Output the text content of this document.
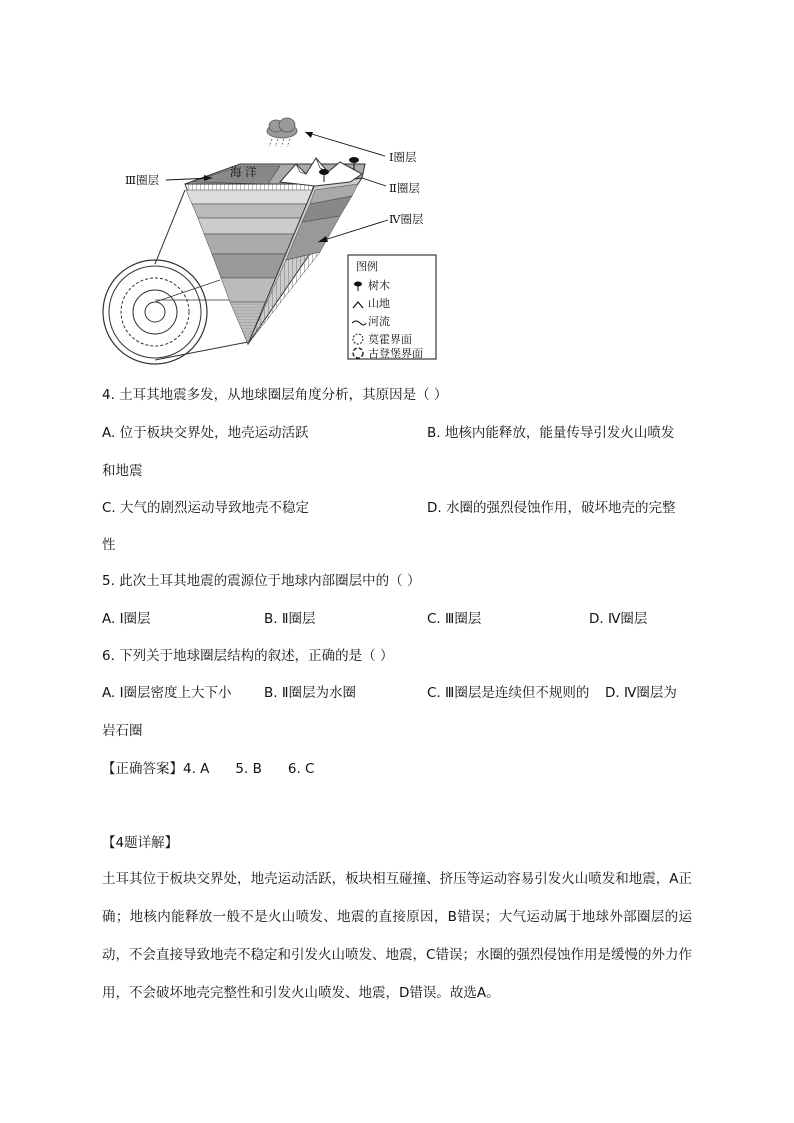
Ⅰ圈层
Ⅱ圈层
Ⅲ圈层
Ⅳ圈层
海 洋
图例
树木
山地
河流
莫霍界面
古登堡界面
4. 土耳其地震多发，从地球圈层角度分析，其原因是（ ）
A. 位于板块交界处，地壳运动活跃	B. 地核内能释放，能量传导引发火山喷发
和地震
C. 大气的剧烈运动导致地壳不稳定	D. 水圈的强烈侵蚀作用，破坏地壳的完整
性
5. 此次土耳其地震的震源位于地球内部圈层中的（ ）
A. Ⅰ圈层	B. Ⅱ圈层	C. Ⅲ圈层	D. Ⅳ圈层
6. 下列关于地球圈层结构的叙述，正确的是（ ）
A. Ⅰ圈层密度上大下小 B. Ⅱ圈层为水圈	C. Ⅲ圈层是连续但不规则的 D. Ⅳ圈层为
岩石圈
【正确答案】4. A 5. B 6. C
【4题详解】
土耳其位于板块交界处，地壳运动活跃，板块相互碰撞、挤压等运动容易引发火山喷发和地震，A正确；地核内能释放一般不是火山喷发、地震的直接原因，B错误；大气运动属于地球外部圈层的运动，不会直接导致地壳不稳定和引发火山喷发、地震，C错误；水圈的强烈侵蚀作用是缓慢的外力作用，不会破坏地壳完整性和引发火山喷发、地震，D错误。故选A。
